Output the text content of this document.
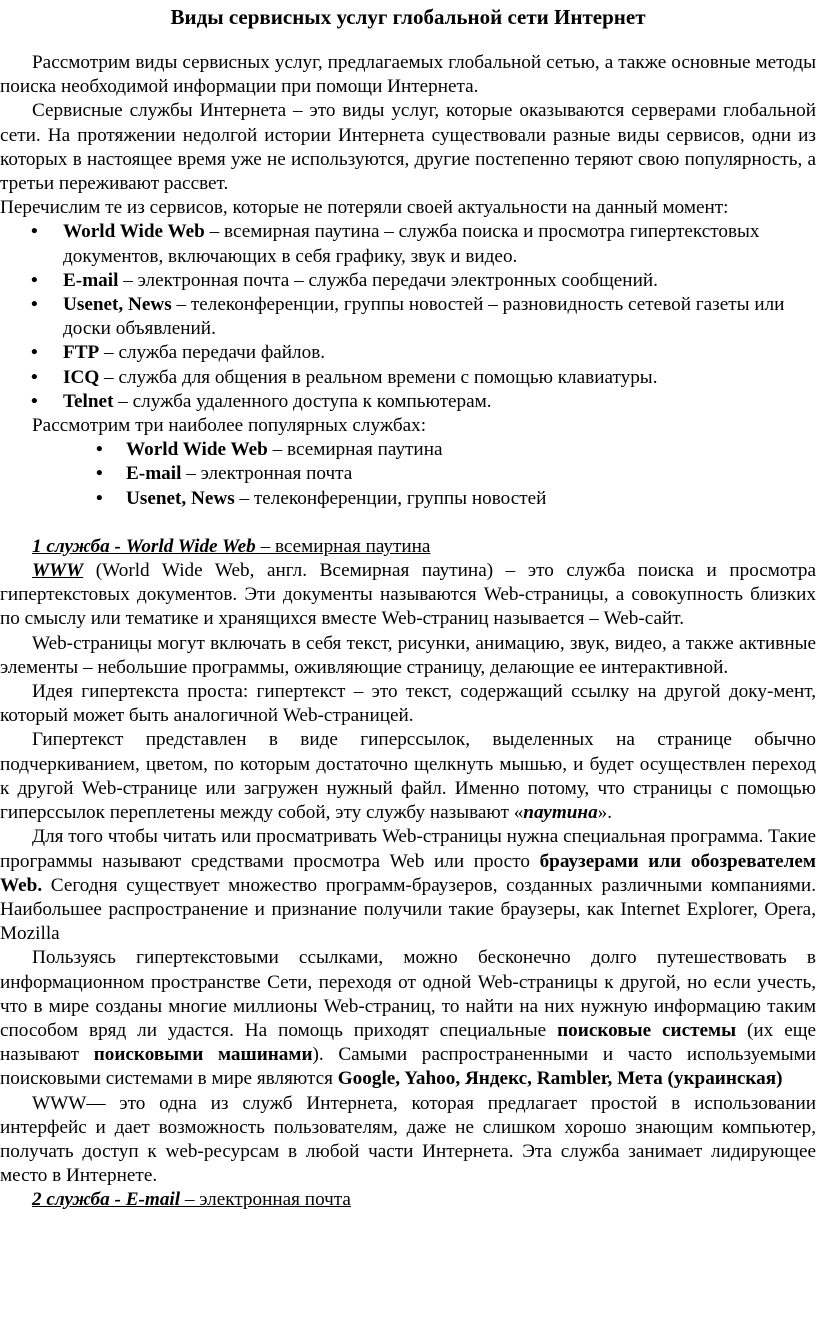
Виды сервисных услуг глобальной сети Интернет

Рассмотрим виды сервисных услуг, предлагаемых глобальной сетью, а также основные методы поиска необходимой информации при помощи Интернета.

Сервисные службы Интернета – это виды услуг, которые оказываются серверами глобальной сети. На протяжении недолгой истории Интернета существовали разные виды сервисов, одни из которых в настоящее время уже не используются, другие постепенно теряют свою популярность, а третьи переживают рассвет.

Перечислим те из сервисов, которые не потеряли своей актуальности на данный момент:

• World Wide Web – всемирная паутина – служба поиска и просмотра гипертекстовых документов, включающих в себя графику, звук и видео.
• E-mail – электронная почта – служба передачи электронных сообщений.
• Usenet, News – телеконференции, группы новостей – разновидность сетевой газеты или доски объявлений.
• FTP – служба передачи файлов.
• ICQ – служба для общения в реальном времени с помощью клавиатуры.
• Telnet – служба удаленного доступа к компьютерам.

Рассмотрим три наиболее популярных службах:

• World Wide Web – всемирная паутина
• E-mail – электронная почта
• Usenet, News – телеконференции, группы новостей

1 служба - World Wide Web – всемирная паутина

WWW (World Wide Web, англ. Всемирная паутина) – это служба поиска и просмотра гипертекстовых документов. Эти документы называются Web-страницы, а совокупность близких по смыслу или тематике и хранящихся вместе Web-страниц называется – Web-сайт.

Web-страницы могут включать в себя текст, рисунки, анимацию, звук, видео, а также активные элементы – небольшие программы, оживляющие страницу, делающие ее интерактивной.

Идея гипертекста проста: гипертекст – это текст, содержащий ссылку на другой доку-мент, который может быть аналогичной Web-страницей.

Гипертекст представлен в виде гиперссылок, выделенных на странице обычно подчеркиванием, цветом, по которым достаточно щелкнуть мышью, и будет осуществлен переход к другой Web-странице или загружен нужный файл. Именно потому, что страницы с помощью гиперссылок переплетены между собой, эту службу называют «паутина».

Для того чтобы читать или просматривать Web-страницы нужна специальная программа. Такие программы называют средствами просмотра Web или просто браузерами или обозревателем Web. Сегодня существует множество программ-браузеров, созданных различными компаниями. Наибольшее распространение и признание получили такие браузеры, как Internet Explorer, Opera, Mozilla

Пользуясь гипертекстовыми ссылками, можно бесконечно долго путешествовать в информационном пространстве Сети, переходя от одной Web-страницы к другой, но если учесть, что в мире созданы многие миллионы Web-страниц, то найти на них нужную информацию таким способом вряд ли удастся. На помощь приходят специальные поисковые системы (их еще называют поисковыми машинами). Самыми распространенными и часто используемыми поисковыми системами в мире являются Google, Yahoo, Яндекс, Rambler, Мета (украинская)

WWW— это одна из служб Интернета, которая предлагает простой в использовании интерфейс и дает возможность пользователям, даже не слишком хорошо знающим компьютер, получать доступ к web-ресурсам в любой части Интернета. Эта служба занимает лидирующее место в Интернете.

2 служба - E-mail – электронная почта
